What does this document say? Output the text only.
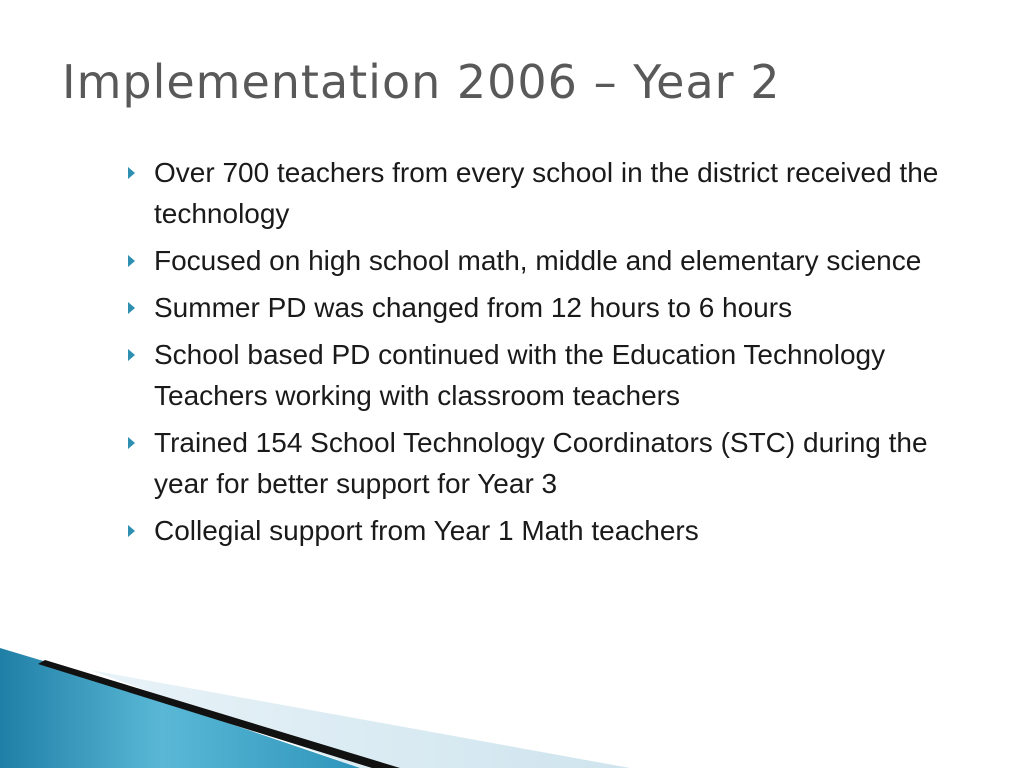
Implementation 2006 – Year 2
Over 700 teachers from every school in the district received the technology
Focused on high school math, middle and elementary science
Summer PD was changed from 12 hours to 6 hours
School based PD continued with the Education Technology Teachers working with classroom teachers
Trained 154 School Technology Coordinators (STC) during the year for better support for Year 3
Collegial support from Year 1 Math teachers
